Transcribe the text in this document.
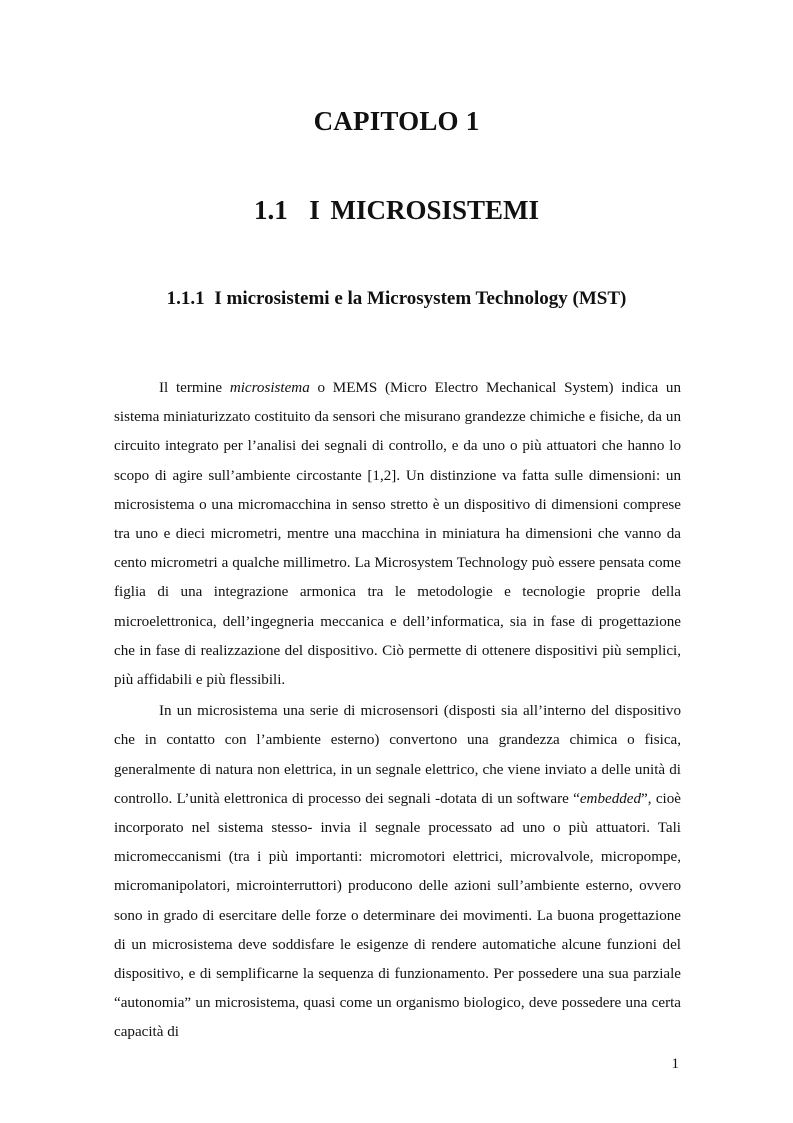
CAPITOLO 1
1.1  I MICROSISTEMI
1.1.1 I microsistemi e la Microsystem Technology (MST)

Il termine microsistema o MEMS (Micro Electro Mechanical System) indica un sistema miniaturizzato costituito da sensori che misurano grandezze chimiche e fisiche, da un circuito integrato per l’analisi dei segnali di controllo, e da uno o più attuatori che hanno lo scopo di agire sull’ambiente circostante [1,2]. Un distinzione va fatta sulle dimensioni: un microsistema o una micromacchina in senso stretto è un dispositivo di dimensioni comprese tra uno e dieci micrometri, mentre una macchina in miniatura ha dimensioni che vanno da cento micrometri a qualche millimetro. La Microsystem Technology può essere pensata come figlia di una integrazione armonica tra le metodologie e tecnologie proprie della microelettronica, dell’ingegneria meccanica e dell’informatica, sia in fase di progettazione che in fase di realizzazione del dispositivo. Ciò permette di ottenere dispositivi più semplici, più affidabili e più flessibili.

In un microsistema una serie di microsensori (disposti sia all’interno del dispositivo che in contatto con l’ambiente esterno) convertono una grandezza chimica o fisica, generalmente di natura non elettrica, in un segnale elettrico, che viene inviato a delle unità di controllo. L’unità elettronica di processo dei segnali -dotata di un software “embedded”, cioè incorporato nel sistema stesso- invia il segnale processato ad uno o più attuatori. Tali micromeccanismi (tra i più importanti: micromotori elettrici, microvalvole, micropompe, micromanipolatori, microinterruttori) producono delle azioni sull’ambiente esterno, ovvero sono in grado di esercitare delle forze o determinare dei movimenti. La buona progettazione di un microsistema deve soddisfare le esigenze di rendere automatiche alcune funzioni del dispositivo, e di semplificarne la sequenza di funzionamento. Per possedere una sua parziale “autonomia” un microsistema, quasi come un organismo biologico, deve possedere una certa capacità di

1
